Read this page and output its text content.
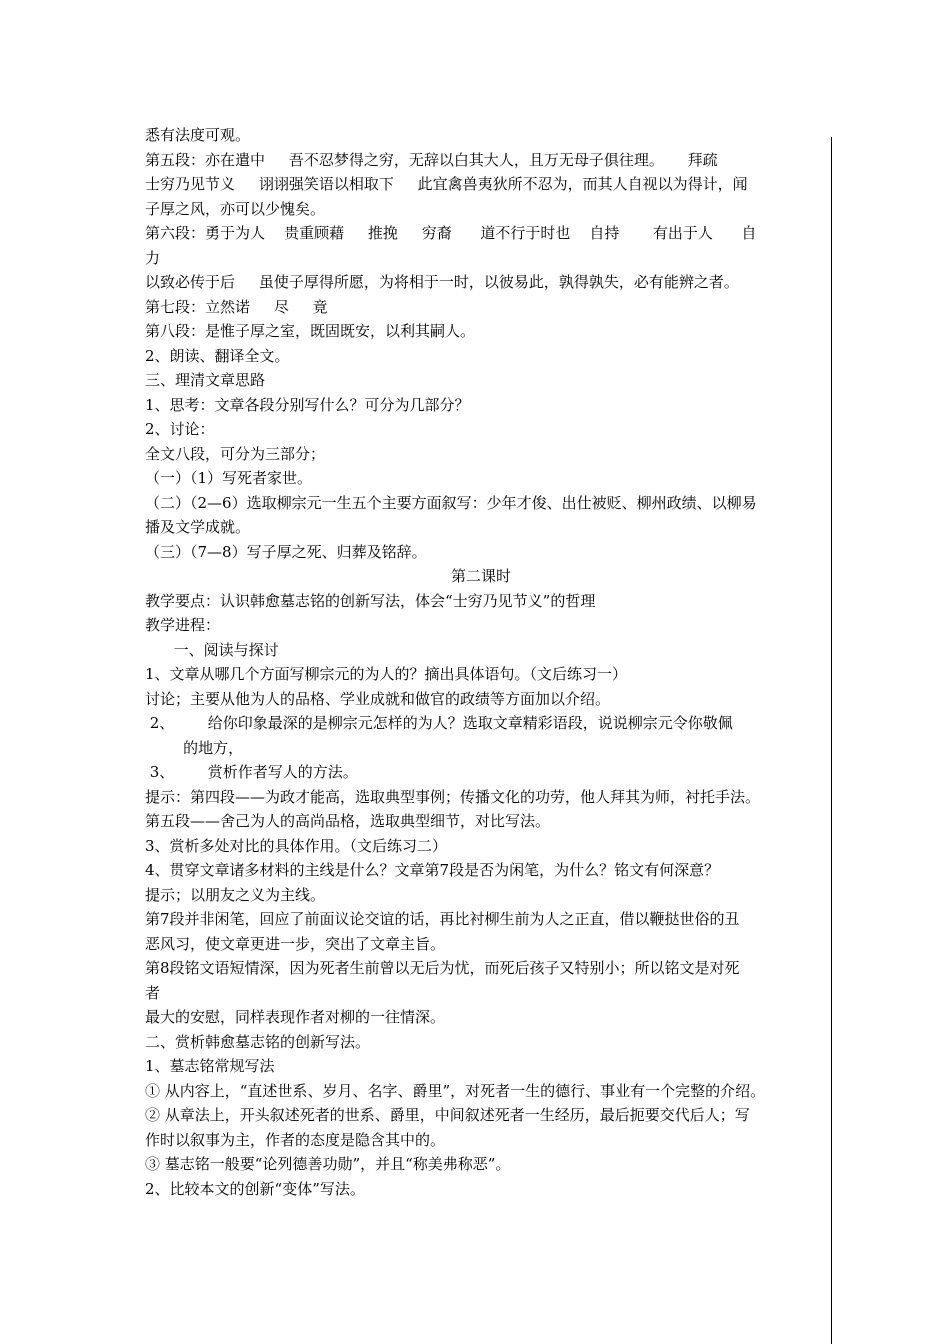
悉有法度可观。
第五段：亦在遣中     吾不忍梦得之穷，无辞以白其大人，且万无母子俱往理。     拜疏
士穷乃见节义     诩诩强笑语以相取下     此宜禽兽夷狄所不忍为，而其人自视以为得计，闻
子厚之风，亦可以少愧矣。
第六段：勇于为人    贵重顾藉     推挽     穷裔      道不行于时也    自持       有出于人      自
力
以致必传于后     虽使子厚得所愿，为将相于一时，以彼易此，孰得孰失，必有能辨之者。
第七段：立然诺     尽     竟
第八段：是惟子厚之室，既固既安，以利其嗣人。
2、朗读、翻译全文。
三、理清文章思路
1、思考：文章各段分别写什么？可分为几部分？
2、讨论：
全文八段，可分为三部分；
（一）（1）写死者家世。
（二）（2—6）选取柳宗元一生五个主要方面叙写：少年才俊、出仕被贬、柳州政绩、以柳易
播及文学成就。
（三）（7—8）写子厚之死、归葬及铭辞。
第二课时
教学要点：认识韩愈墓志铭的创新写法，体会“士穷乃见节义”的哲理
教学进程：
一、阅读与探讨
1、文章从哪几个方面写柳宗元的为人的？摘出具体语句。（文后练习一）
讨论；主要从他为人的品格、学业成就和做官的政绩等方面加以介绍。
2、       给你印象最深的是柳宗元怎样的为人？选取文章精彩语段，说说柳宗元令你敬佩
的地方，
3、       赏析作者写人的方法。
提示：第四段——为政才能高，选取典型事例；传播文化的功劳，他人拜其为师，衬托手法。
第五段——舍己为人的高尚品格，选取典型细节，对比写法。
3、赏析多处对比的具体作用。（文后练习二）
4、贯穿文章诸多材料的主线是什么？文章第7段是否为闲笔，为什么？铭文有何深意？
提示；以朋友之义为主线。
第7段并非闲笔，回应了前面议论交谊的话，再比衬柳生前为人之正直，借以鞭挞世俗的丑
恶风习，使文章更进一步，突出了文章主旨。
第8段铭文语短情深，因为死者生前曾以无后为忧，而死后孩子又特别小；所以铭文是对死
者
最大的安慰，同样表现作者对柳的一往情深。
二、赏析韩愈墓志铭的创新写法。
1、墓志铭常规写法
① 从内容上，“直述世系、岁月、名字、爵里”，对死者一生的德行、事业有一个完整的介绍。
② 从章法上，开头叙述死者的世系、爵里，中间叙述死者一生经历，最后扼要交代后人；写
作时以叙事为主，作者的态度是隐含其中的。
③ 墓志铭一般要“论列德善功勋”，并且“称美弗称恶”。
2、比较本文的创新“变体”写法。
